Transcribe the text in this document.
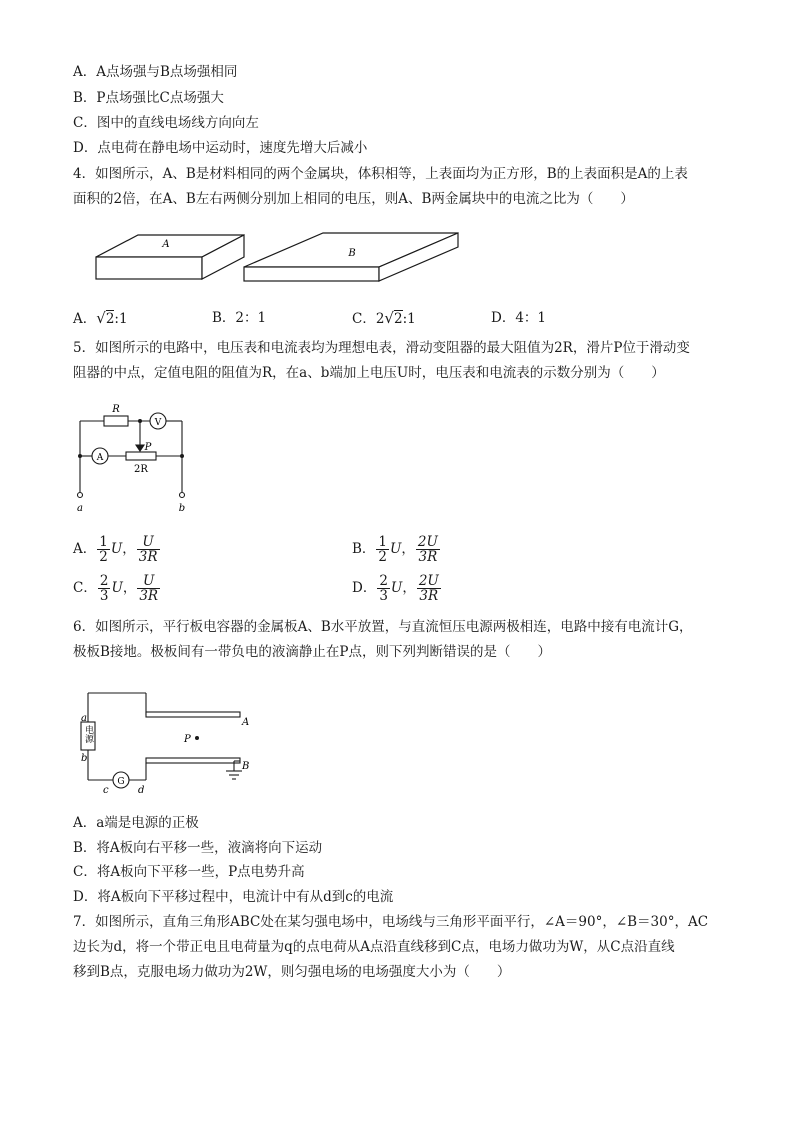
A．A点场强与B点场强相同
B．P点场强比C点场强大
C．图中的直线电场线方向向左
D．点电荷在静电场中运动时，速度先增大后减小
4．如图所示，A、B是材料相同的两个金属块，体积相等，上表面均为正方形，B的上表面积是A的上表
面积的2倍，在A、B左右两侧分别加上相同的电压，则A、B两金属块中的电流之比为（　　）
A
B
A．√2:1	B．2：1	C．2√2:1	D．4：1
5．如图所示的电路中，电压表和电流表均为理想电表，滑动变阻器的最大阻值为2R，滑片P位于滑动变
阻器的中点，定值电阻的阻值为R，在a、b端加上电压U时，电压表和电流表的示数分别为（　　）
R
V
A
P
2R
a	b
A． $\frac{1}{2}$ U， $\frac{U}{3R}$	B． $\frac{1}{2}$ U， $\frac{2U}{3R}$
C． $\frac{2}{3}$ U， $\frac{U}{3R}$	D． $\frac{2}{3}$ U， $\frac{2U}{3R}$
6．如图所示，平行板电容器的金属板A、B水平放置，与直流恒压电源两极相连，电路中接有电流计G，
极板B接地。极板间有一带负电的液滴静止在P点，则下列判断错误的是（　　）
a
b
电源
G
c	d
A
B
P
A．a端是电源的正极
B．将A板向右平移一些，液滴将向下运动
C．将A板向下平移一些，P点电势升高
D．将A板向下平移过程中，电流计中有从d到c的电流
7．如图所示，直角三角形ABC处在某匀强电场中，电场线与三角形平面平行，∠A＝90°，∠B＝30°，AC
边长为d，将一个带正电且电荷量为q的点电荷从A点沿直线移到C点，电场力做功为W，从C点沿直线
移到B点，克服电场力做功为2W，则匀强电场的电场强度大小为（　　）
